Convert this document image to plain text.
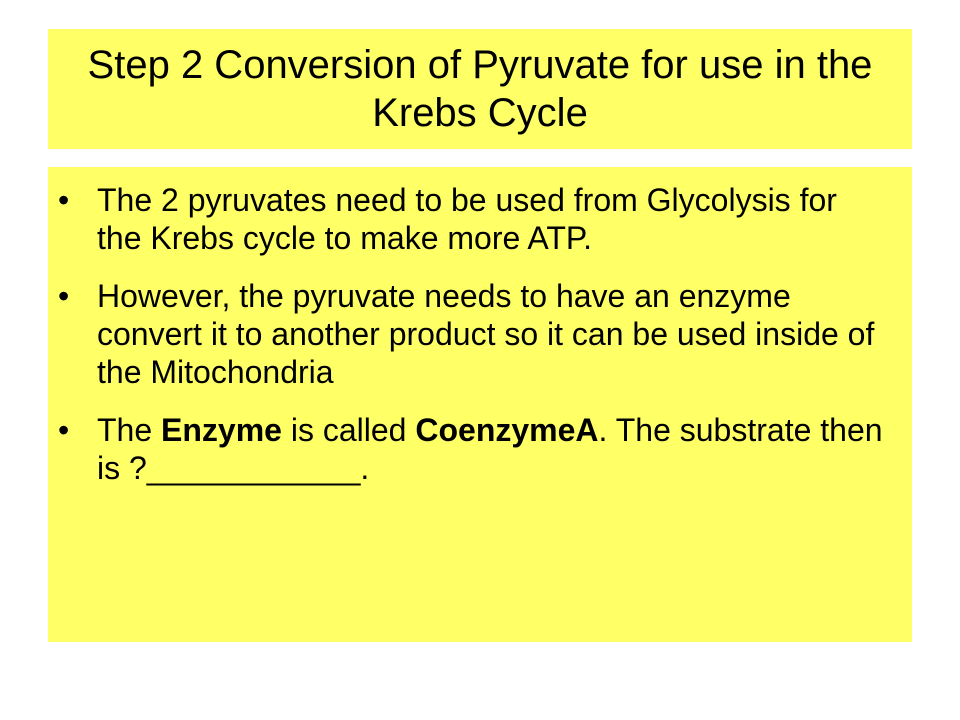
Step 2 Conversion of Pyruvate for use in the Krebs Cycle
• The 2 pyruvates need to be used from Glycolysis for the Krebs cycle to make more ATP.
• However, the pyruvate needs to have an enzyme convert it to another product so it can be used inside of the Mitochondria
• The Enzyme is called CoenzymeA. The substrate then is ?____________.
